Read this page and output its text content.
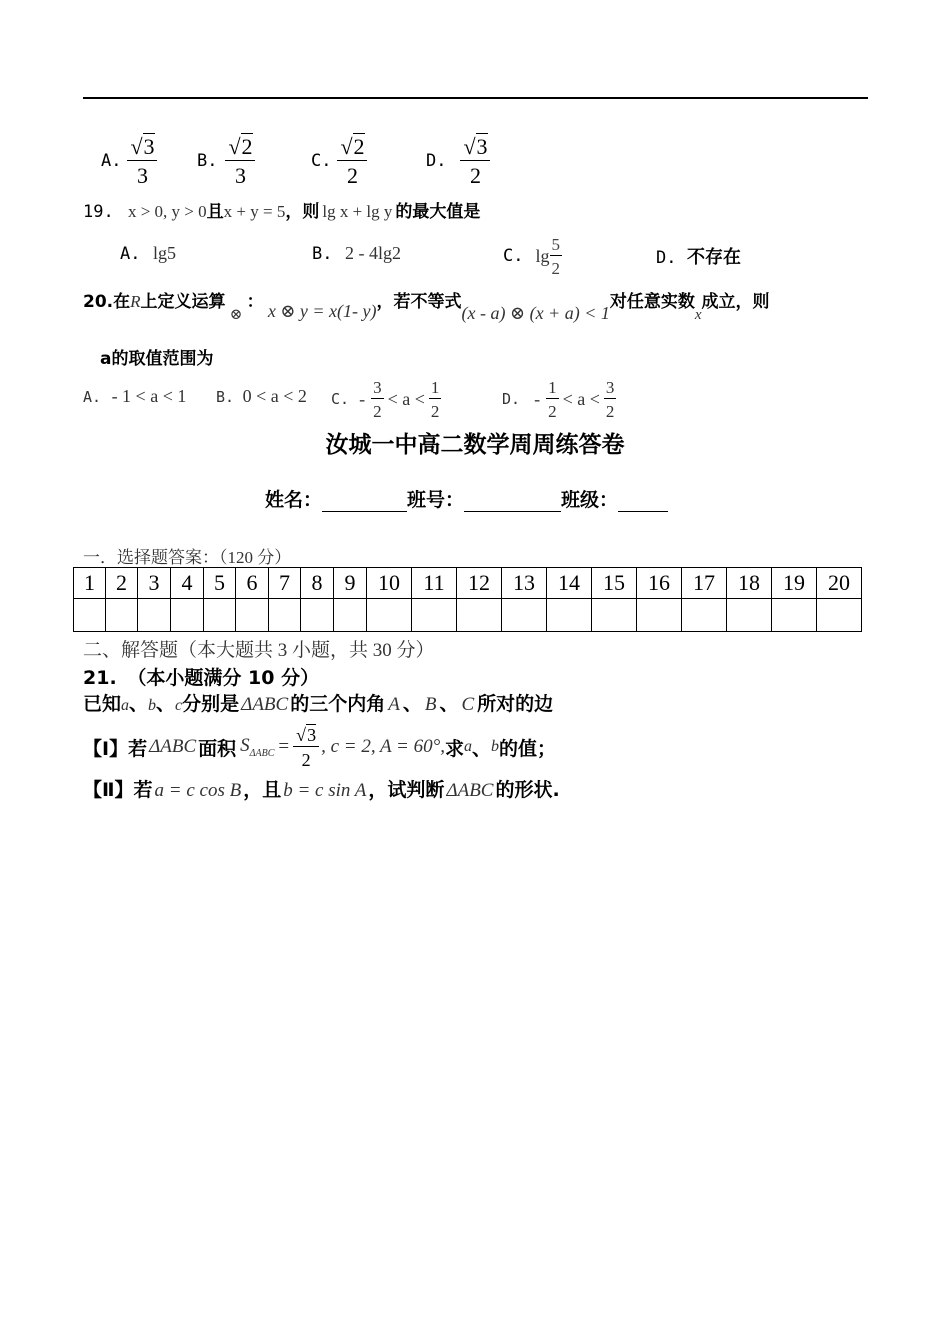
A. $\frac{√3}{3} B$. $\frac{√2}{3}$	C. $\frac{√2}{2}$	D. $\frac{√3}{2}$
19. x > 0, y > 0且x + y = 5，则 lg x + lg y 的最大值是
A. lg5	B. 2 - 4lg2	C. $\lg \frac{5}{2}$	D. 不存在
20.在R上定义运算 ⊗ ： x ⊗ y = x(1- y)，若不等式(x - a) ⊗ (x + a) < 1对任意实数x成立，则
a的取值范围为
A. - 1 < a < 1 B. 0 < a < 2 C. - $\frac{3}{2} < a < \frac{1}{2}$	D. - $\frac{1}{2} < a < \frac{3}{2}$
汝城一中高二数学周周练答卷
姓名：	班号：	班级：
一．选择题答案：（120 分）
1	2	3	4	5	6	7	8	9	10	11	12	13	14	15	16	17	18	19	20

二、解答题（本大题共 3 小题，共 30 分）
21. （本小题满分 10 分）
已知a、b、c分别是 ΔABC 的三个内角 A 、 B 、 C 所对的边
【Ⅰ】若 ΔABC 面积 $S_{\Delta ABC} = \frac{√3}{2}$ , c = 2, A = 60°, 求 a 、 b 的值；
【Ⅱ】若 a = c cos B ，且 b = c sin A ，试判断 ΔABC 的形状.
